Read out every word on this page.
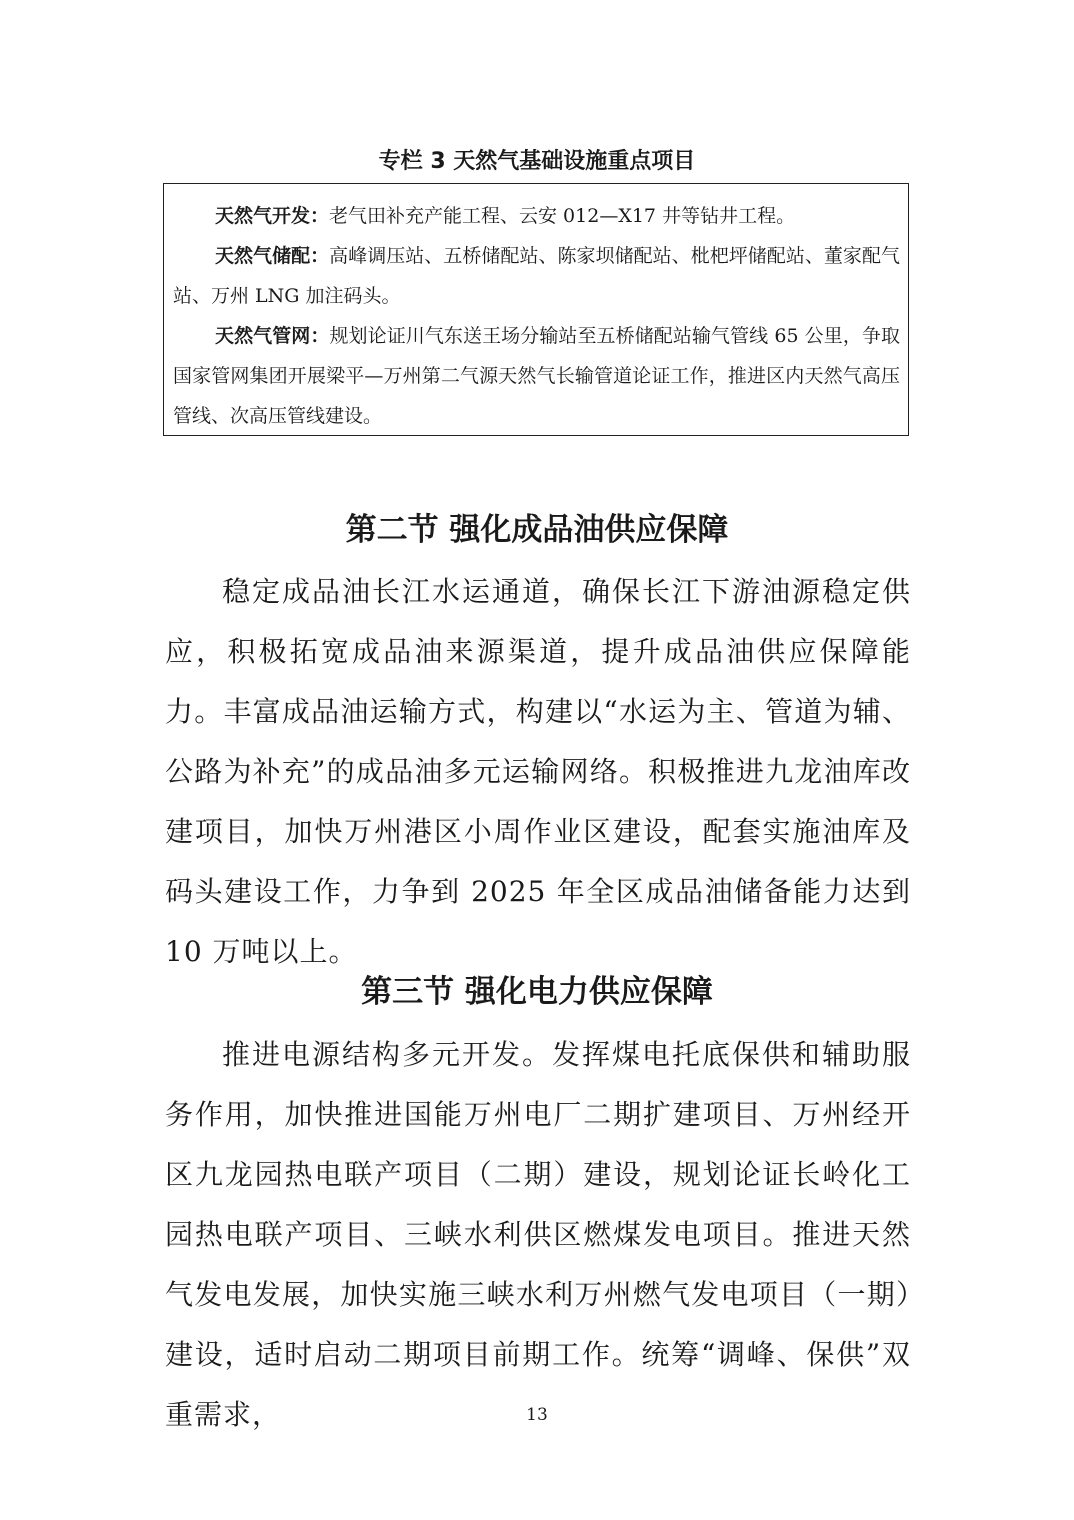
专栏 3 天然气基础设施重点项目

天然气开发：老气田补充产能工程、云安 012—X17 井等钻井工程。

天然气储配：高峰调压站、五桥储配站、陈家坝储配站、枇杷坪储配站、董家配气站、万州 LNG 加注码头。

天然气管网：规划论证川气东送王场分输站至五桥储配站输气管线 65 公里，争取国家管网集团开展梁平—万州第二气源天然气长输管道论证工作，推进区内天然气高压管线、次高压管线建设。

第二节 强化成品油供应保障

稳定成品油长江水运通道，确保长江下游油源稳定供应，积极拓宽成品油来源渠道，提升成品油供应保障能力。丰富成品油运输方式，构建以“水运为主、管道为辅、公路为补充”的成品油多元运输网络。积极推进九龙油库改建项目，加快万州港区小周作业区建设，配套实施油库及码头建设工作，力争到 2025 年全区成品油储备能力达到 10 万吨以上。

第三节 强化电力供应保障

推进电源结构多元开发。发挥煤电托底保供和辅助服务作用，加快推进国能万州电厂二期扩建项目、万州经开区九龙园热电联产项目（二期）建设，规划论证长岭化工园热电联产项目、三峡水利供区燃煤发电项目。推进天然气发电发展，加快实施三峡水利万州燃气发电项目（一期）建设，适时启动二期项目前期工作。统筹“调峰、保供”双重需求，	13
